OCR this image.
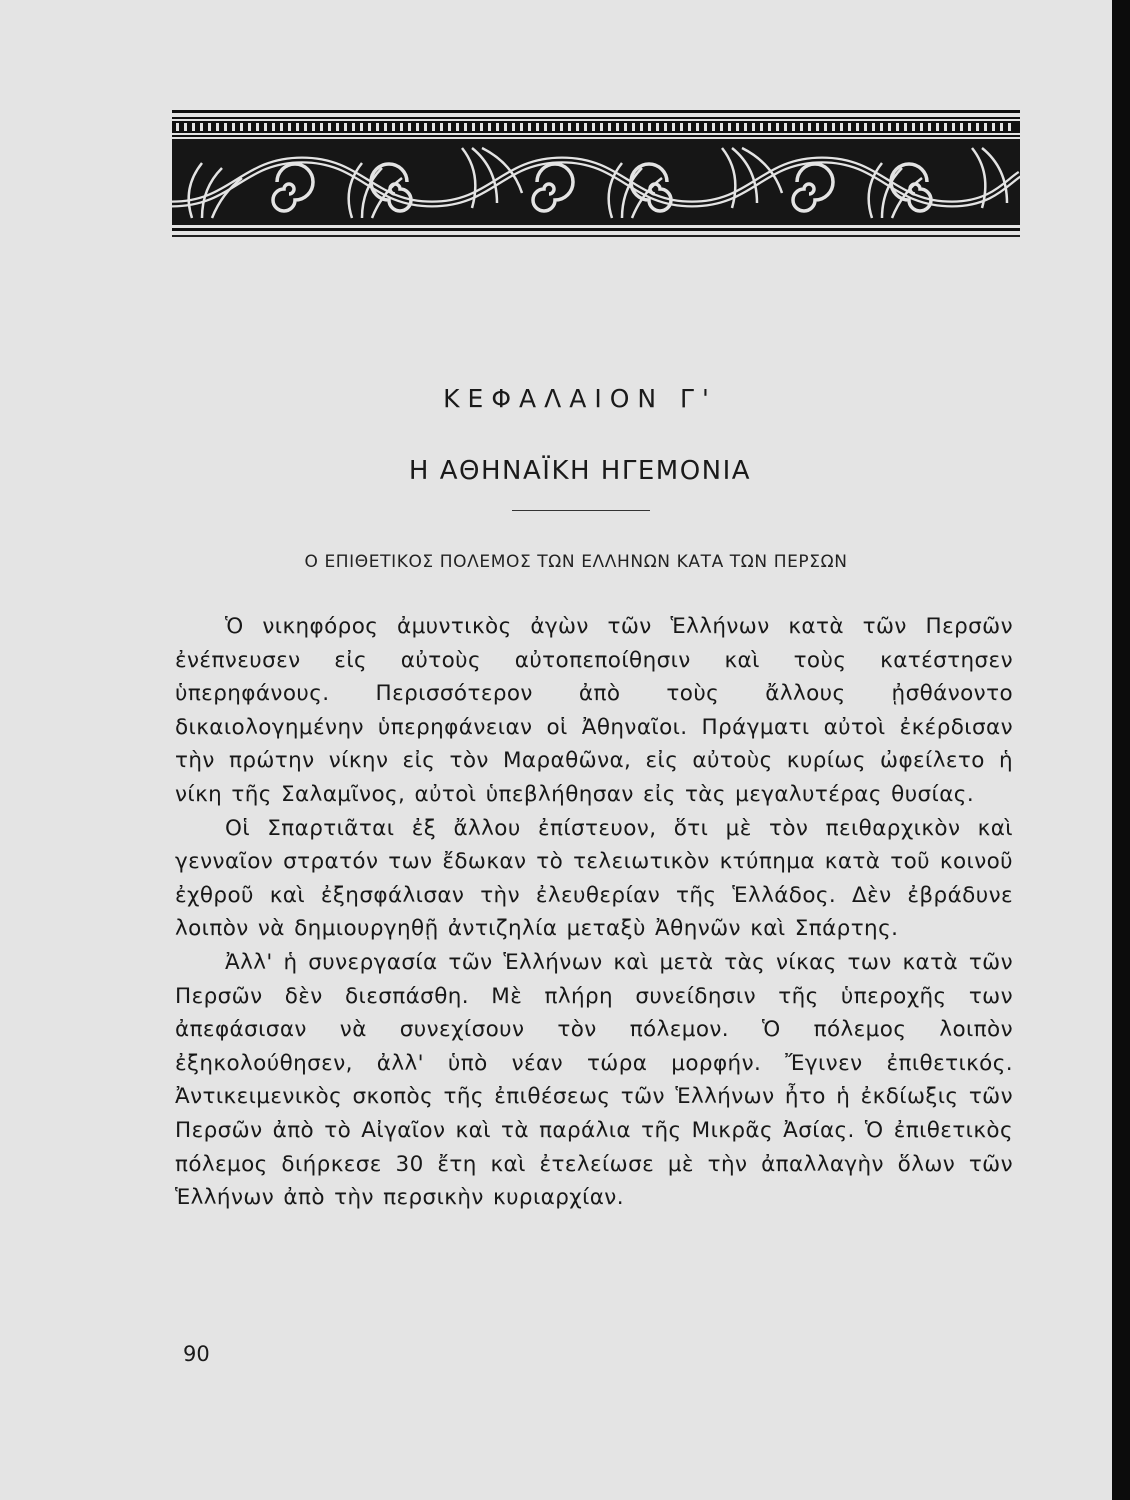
ΚΕΦΑΛΑΙΟΝ Γ'
Η ΑΘΗΝΑΪΚΗ ΗΓΕΜΟΝΙΑ
Ο ΕΠΙΘΕΤΙΚΟΣ ΠΟΛΕΜΟΣ ΤΩΝ ΕΛΛΗΝΩΝ ΚΑΤΑ ΤΩΝ ΠΕΡΣΩΝ

Ὁ νικηφόρος ἀμυντικὸς ἀγὼν τῶν Ἑλλήνων κατὰ τῶν Περσῶν ἐνέπνευσεν εἰς αὐτοὺς αὐτοπεποίθησιν καὶ τοὺς κατέστησεν ὑπερηφάνους. Περισσότερον ἀπὸ τοὺς ἄλλους ᾐσθάνοντο δικαιολογημένην ὑπερηφάνειαν οἱ Ἀθηναῖοι. Πράγματι αὐτοὶ ἐκέρδισαν τὴν πρώτην νίκην εἰς τὸν Μαραθῶνα, εἰς αὐτοὺς κυρίως ὠφείλετο ἡ νίκη τῆς Σαλαμῖνος, αὐτοὶ ὑπεβλήθησαν εἰς τὰς μεγαλυτέρας θυσίας.

Οἱ Σπαρτιᾶται ἐξ ἄλλου ἐπίστευον, ὅτι μὲ τὸν πειθαρχικὸν καὶ γενναῖον στρατόν των ἔδωκαν τὸ τελειωτικὸν κτύπημα κατὰ τοῦ κοινοῦ ἐχθροῦ καὶ ἐξησφάλισαν τὴν ἐλευθερίαν τῆς Ἑλλάδος. Δὲν ἐβράδυνε λοιπὸν νὰ δημιουργηθῇ ἀντιζηλία μεταξὺ Ἀθηνῶν καὶ Σπάρτης.

Ἀλλ' ἡ συνεργασία τῶν Ἑλλήνων καὶ μετὰ τὰς νίκας των κατὰ τῶν Περσῶν δὲν διεσπάσθη. Μὲ πλήρη συνείδησιν τῆς ὑπεροχῆς των ἀπεφάσισαν νὰ συνεχίσουν τὸν πόλεμον. Ὁ πόλεμος λοιπὸν ἐξηκολούθησεν, ἀλλ' ὑπὸ νέαν τώρα μορφήν. Ἔγινεν ἐπιθετικός. Ἀντικειμενικὸς σκοπὸς τῆς ἐπιθέσεως τῶν Ἑλλήνων ἦτο ἡ ἐκδίωξις τῶν Περσῶν ἀπὸ τὸ Αἰγαῖον καὶ τὰ παράλια τῆς Μικρᾶς Ἀσίας. Ὁ ἐπιθετικὸς πόλεμος διήρκεσε 30 ἔτη καὶ ἐτελείωσε μὲ τὴν ἀπαλλαγὴν ὅλων τῶν Ἑλλήνων ἀπὸ τὴν περσικὴν κυριαρχίαν.

90
